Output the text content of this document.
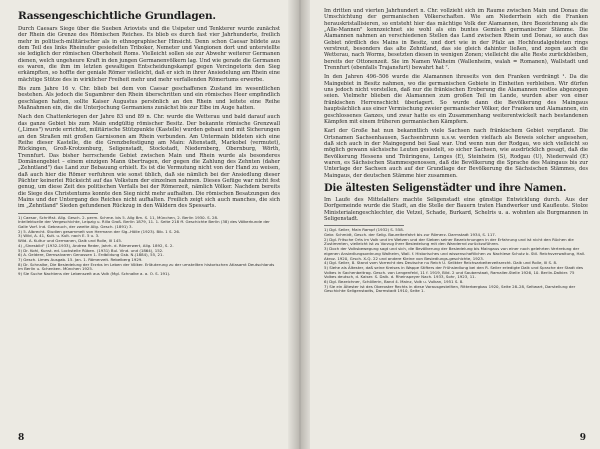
Rassengeschichtliche Grundlagen.

Durch Caesars Siege über die Sueben Ariovists und die Usipeter und Tenkterer wurde zunächst der Rhein die Grenze des Römischen Reiches. Es blieb es durch fast vier Jahrhunderte, freilich mehr in politisch-militärischer als in ethnographischer Hinsicht. Denn schon Caesar bildete aus dem Teil des links Rheinufer gesiedelten Triboker, Nemeter und Vangionen dort und unterstellte sie lediglich der römischen Oberhoheit Roms. Vielleicht sollen sie zur Abwehr weiterer Germanen dienen, welch ungeheure Kraft in den jungen Germanenvölkern lag. Und wie gerade die Germanen es waren, die ihm im letzten gewaltigen Entscheidungskampf gegen Vercingetorix den Sieg erkämpften, so hoffte der geniale Römer vielleicht, daß er sich in ihrer Ansiedelung am Rhein eine mächtige Stütze des in wirklicher Freiheit mehr und mehr verfallenden Römertums erwerbe.

Bis zum Jahre 16 v. Chr. blieb bei dem von Caesar geschaffenen Zustand im wesentlichen bestehen. Als jedoch die Sugambrer den Rhein überschritten und ein römisches Heer empfindlich geschlagen hatten, sollte Kaiser Augustus persönlich an den Rhein und leitete eine Reihe Maßnahmen ein, die die Unterjochung Germaniens zunächst bis zur Elbe im Auge hatten.

Nach den Chattenkriegen der Jahre 83 und 89 n. Chr. wurde die Wetterau und bald darauf auch das ganze Gebiet bis zum Main endgültig römischer Besitz. Der bekannte römische Grenzwall („Limes") wurde errichtet, militärische Stützpunkte (Kastelle) wurden gebaut und mit Sicherungen an den Straßen mit großen Garnisonen am Rhein verbunden. Am Untermain bildeten sich eine Reihe dieser Kastelle, die die Grenzbefestigung am Main: Altenstadt, Markobel (vermutet), Rückingen, Groß-Krotzenburg, Seligenstadt, Stockstadt, Niedernberg, Obernburg, Wörth, Trennfurt. Das bisher herrschende Gebiet zwischen Main und Rhein wurde als besonderes Domänengebiet – einem einzigen Mann übertragen, der gegen die Zahlung des Zehnten (daher „Zehntland") das Land zur Bebauung erhielt. Es ist die Vermutung nicht von der Hand zu weisen, daß auch hier die Römer verfuhren wie sonst üblich, daß sie nämlich bei der Ansiedlung dieser Pächter keinerlei Rücksicht auf das Volkstum der einzelnen nahmen. Dieses Gefüge war nicht fest genug, um diese Zeit des politischen Verfalls bei der Römerzeit, nämlich Völker. Nachdem bereits die Siege des Christentums konnte den Sieg nicht mehr aufhalten. Die römischen Besatzungen des Mains und der Untergang des Reiches nicht aufhalten. Freilich zeigt sich auch manches, die sich im „Zehntland" Sieden gefundenen Rückzug in den Wäldern des Spessarts.

1) Caesar, Schriftst. Allg. Gesch. 2. perm. Schme. bis 5. Allg Bm. S. 11, München, 2. Berlin 1930. S. 28.
Intellektuelle der Vergeschichte, Leipzig u. Rilla Groß. Berlin 1879, 11. 1. Seite 218 ff. Geschichte Berlin (38) des Völkerkunde der Galle Vorf. Ind. Gebrauch, der zweite Allg. Gesch. (1891) 3.
2) 5. Albrecht. Studien gesammelt von Hermann der Sig.-Hölle (1923). Bib. 1 S. 26.
3) Wild, A. 41, Kult. u. Kult. nach E. 5 u. 3.
Wild. A. Kultur und Germanen, Dalk und Rolle, III 145.
4) „Sinesbild" (1932-1933), Andrea Reder, Jahrh. d. Römerwert, Allg. 1892, S. 2.
5) Dr. Kohl, Kunst. ed. Lockstelle Rüben. (1931) Bul. Vind. und (1864), 152.
6) A. Geldere, Demsalvaren Genossen 1. Erdbildung Gsb. N.(1884), 55, 21.
7) Gesch. Limes Ausgab. 15. Jan. 1. Römerzeit. Rebelberg 1929.
8) Dr. Schnalke, Die Besiedelung der Erzrbs im Leben der Völker. Erläuterung zu der umstellten historischen Atlasamt Deutschlands im Berlin u. Schenken. München 1925.
9) Sie Suche Nachtens der Lebenszeit aus Volk (Mgl. Schnalke a. a. O. S. 191).
8

Im dritten und vierten Jahrhundert n. Chr. vollzieht sich im Raume zwischen Main und Donau die Umschichtung der germanischen Völkerschaften. Wie am Niederrhein sich die Franken herauskristallisieren, so entsteht hier das mächtige Volk der Alamannen, ihre Bezeichnung als die „Alle-Mannen" kennzeichnet sie wohl als ein buntes Gemisch germanischer Stämme. Die Alamannen nahmen an verschiedenen Stellen das Land zwischen Rhein und Donau, so auch das Gebiet nördlich des Mains in Besitz, und dort wie in der Pfalz an Hochfeudalgebieten rings verstreut, besonders das alte Zehntland, das sie gleich dahinter ließen, und zogen auch die Wetterau, nach Worms, besetzten diesen in wenigen Zonen; vielleicht die alte Reste zurückbleiben, bereits der Ottonenzeit. Sie im Namen Walheim (Wallenheim, walah = Romanen), Wallstadt und Trennfurt (ebenfalls Trajansfurt) bewahrt hat ⁷.

In den Jahren 496–506 wurde die Alamannen ihreseits von den Franken verdrängt ¹. Da die Maingebiet in Besitz nahmen, wo die germanischen Gebiete in Einheiten verbleiben. Wir dürfen uns jedoch nicht vorstellen, daß nur die fränkischen Eroberung die Alamannen restlos abgezogen seien. Vielmehr blieben die Alamannen zum großen Teil im Lande, wurden aber von einer fränkischen Herrenschicht überlagert. So wurde dann die Bevölkerung des Maingaus hauptsächlich aus einer Vermischung zweier germanischer Völker, der Franken und Alamannen, ein geschlossenes Ganzes, und zwar hatte es ein Zusammenhang weiterentwickelt nach bestandenen Kämpfen mit einem früheren germanischen Kämpfern.

Karl der Große hat nun bekanntlich viele Sachsen nach fränkischem Gebiet verpflanzt. Die Ortsnamen Sachsenhausen, Sachsenbrunn u.s.w. werden vielfach als Beweis solcher angesehen, daß sich auch in der Maingegend bei Saal war. Und wenn nun der Rodgau, wo sich vielleicht so möglich gewann sächsische Leuten gesiedelt, so sicher Sachsen, wie ausdrücklich gesagt, daß die Bevölkerung Hessens und Thüringens, Lenges (E), Steinheim (S), Rodgau (U), Niederwald (E) waren, es Sächsischen Stammesgenossen, daß die Bevölkerung die Sprache des Maingaus bis zur Unterlage der Sachsen auch auf der Grundlage der Bevölkerung die Sächsischen Stämmes, des Maingaus, der deutschen Stämme hier zusammen.

Die ältesten Seligenstädter und ihre Namen.

Im Laufe des Mittelalters machte Seligenstadt eine günstige Entwicklung durch. Aus der Dorfgemeinde wurde die Stadt, an die Stelle der Bauern traten Handwerker und Kaufleute. Stolze Ministerialengeschlechter, die Vetzel, Schade, Burkard, Schelris u. a. wohnten als Burgmannen in Seligenstadt.

1) Dgl. Seiler, Main Rampf (1932) S. 558.
Gebr. Schmidt, Gesch. der Selig. Baureiterfahrt bis zur Römerz. Darmstadt 1934, S. 117.
2) Dgl. Fritsche Orts im Volk und im Wetzen und der Sieben seiner Bezeichnungen in der Erfahrung und ist nicht den Rüchen die Zustimmten, vielleicht ist zu Vorzug ihrer Besiedelung mit den Wandernd zurückzuführen.
3) Doch der Volksbewegung sagt und sich, die Bevölkerung der Besiedelung bis Maingaus von einer noch gelehrten Vertretung der eigenen Ansiedlungsordnung Walheim, Wall. f. Historisches und wissenschaftlichen zu Nachlese Schutz b. Stil. Reichsverwaltung, Hall. Akroz. 1920, Grsch. X-Q. 22 und andere Kleine von Besiedlungs-geschichte, 1923.
4) Dgl. Seiler, 8. Stand vom Vorrecht des Deutsche nu Reich U. Selikter Reichsarbeiterzeitsrecht. Dalk und Rolle, III S. 8.
5) Siehe als Ältester, daß seine Kreises in Wappe Stifters der Frühsiedlung bei den R. Seiler erledigte Dalk und Sprache der Stadt des Volkes in Sachenbeitrag. Gesch. von Lengenfeld, 11 f. 1919, Bild. 2 und Sauberstaat, Ramalier-Stelle 1926, 10. Berlin-Dalkier. 75 Volkes deutsch, d. Kaiser. S. Dalk. d. Rheinspeyer Nach. 1933, Sohr, 1923, 11.
6) Dgl. Bezeichner, Schöllerin, Band 4. Mainz, Volk u. Vulkan, 1951 S. 8.
7) Sie ein Ältester ist des Oberoster Rechts in diese Vorausgestellten, Ritterbergbau 1920, Seite 28–28, Seltwart, Darstellung der Geschichte Seligenstadts, Darmstadt 1910, Seite 1.
9
